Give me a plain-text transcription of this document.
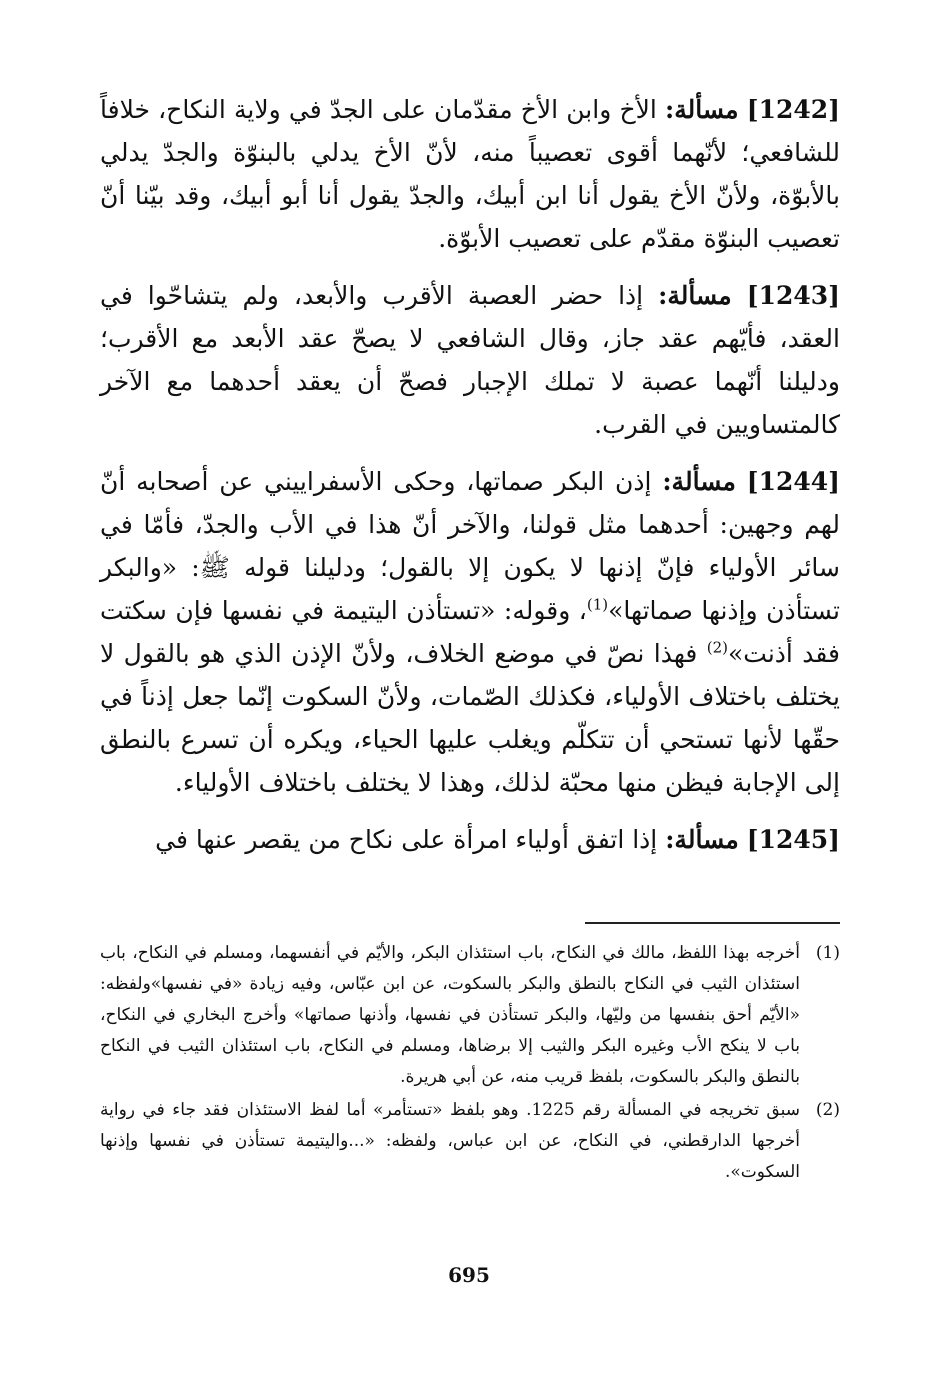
[1242] مسألة: الأخ وابن الأخ مقدّمان على الجدّ في ولاية النكاح، خلافاً للشافعي؛ لأنّهما أقوى تعصيباً منه، لأنّ الأخ يدلي بالبنوّة والجدّ يدلي بالأبوّة، ولأنّ الأخ يقول أنا ابن أبيك، والجدّ يقول أنا أبو أبيك، وقد بيّنا أنّ تعصيب البنوّة مقدّم على تعصيب الأبوّة.

[1243] مسألة: إذا حضر العصبة الأقرب والأبعد، ولم يتشاحّوا في العقد، فأيّهم عقد جاز، وقال الشافعي لا يصحّ عقد الأبعد مع الأقرب؛ ودليلنا أنّهما عصبة لا تملك الإجبار فصحّ أن يعقد أحدهما مع الآخر كالمتساويين في القرب.

[1244] مسألة: إذن البكر صماتها، وحكى الأسفراييني عن أصحابه أنّ لهم وجهين: أحدهما مثل قولنا، والآخر أنّ هذا في الأب والجدّ، فأمّا في سائر الأولياء فإنّ إذنها لا يكون إلا بالقول؛ ودليلنا قوله ﷺ: «والبكر تستأذن وإذنها صماتها»$^{(1)}$، وقوله: «تستأذن اليتيمة في نفسها فإن سكتت فقد أذنت»$^{(2)}$ فهذا نصّ في موضع الخلاف، ولأنّ الإذن الذي هو بالقول لا يختلف باختلاف الأولياء، فكذلك الصّمات، ولأنّ السكوت إنّما جعل إذناً في حقّها لأنها تستحي أن تتكلّم ويغلب عليها الحياء، ويكره أن تسرع بالنطق إلى الإجابة فيظن منها محبّة لذلك، وهذا لا يختلف باختلاف الأولياء.

[1245] مسألة: إذا اتفق أولياء امرأة على نكاح من يقصر عنها في

(1)
أخرجه بهذا اللفظ، مالك في النكاح، باب استئذان البكر، والأيّم في أنفسهما، ومسلم في النكاح، باب استئذان الثيب في النكاح بالنطق والبكر بالسكوت، عن ابن عبّاس، وفيه زيادة «في نفسها»ولفظه: «الأيّم أحق بنفسها من وليّها، والبكر تستأذن في نفسها، وأذنها صماتها» وأخرج البخاري في النكاح، باب لا ينكح الأب وغيره البكر والثيب إلا برضاها، ومسلم في النكاح، باب استئذان الثيب في النكاح بالنطق والبكر بالسكوت، بلفظ قريب منه، عن أبي هريرة.
(2)
سبق تخريجه في المسألة رقم 1225. وهو بلفظ «تستأمر» أما لفظ الاستئذان فقد جاء في رواية أخرجها الدارقطني، في النكاح، عن ابن عباس، ولفظه: «...واليتيمة تستأذن في نفسها وإذنها السكوت».
695
